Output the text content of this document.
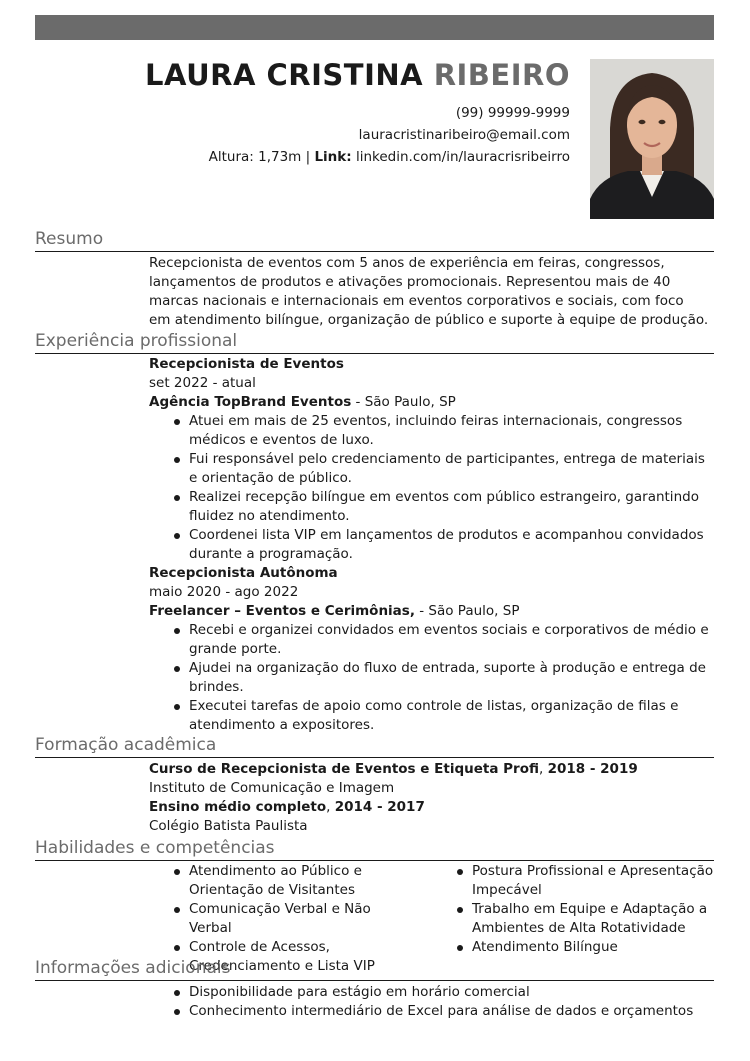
LAURA CRISTINA RIBEIRO
(99) 99999-9999
lauracristinaribeiro@email.com
Altura: 1,73m | Link: linkedin.com/in/lauracrisribeirro
Resumo
Recepcionista de eventos com 5 anos de experiência em feiras, congressos, lançamentos de produtos e ativações promocionais. Representou mais de 40 marcas nacionais e internacionais em eventos corporativos e sociais, com foco em atendimento bilíngue, organização de público e suporte à equipe de produção.
Experiência profissional
Recepcionista de Eventos
set 2022 - atual
Agência TopBrand Eventos - São Paulo, SP
Atuei em mais de 25 eventos, incluindo feiras internacionais, congressos médicos e eventos de luxo.
Fui responsável pelo credenciamento de participantes, entrega de materiais e orientação de público.
Realizei recepção bilíngue em eventos com público estrangeiro, garantindo fluidez no atendimento.
Coordenei lista VIP em lançamentos de produtos e acompanhou convidados durante a programação.
Recepcionista Autônoma
maio 2020 - ago 2022
Freelancer – Eventos e Cerimônias, - São Paulo, SP
Recebi e organizei convidados em eventos sociais e corporativos de médio e grande porte.
Ajudei na organização do fluxo de entrada, suporte à produção e entrega de brindes.
Executei tarefas de apoio como controle de listas, organização de filas e atendimento a expositores.
Formação acadêmica
Curso de Recepcionista de Eventos e Etiqueta Profi, 2018 - 2019
Instituto de Comunicação e Imagem
Ensino médio completo, 2014 - 2017
Colégio Batista Paulista
Habilidades e competências
Atendimento ao Público e Orientação de Visitantes
Comunicação Verbal e Não Verbal
Controle de Acessos, Credenciamento e Lista VIP
Postura Profissional e Apresentação Impecável
Trabalho em Equipe e Adaptação a Ambientes de Alta Rotatividade
Atendimento Bilíngue
Informações adicionais
Disponibilidade para estágio em horário comercial
Conhecimento intermediário de Excel para análise de dados e orçamentos
